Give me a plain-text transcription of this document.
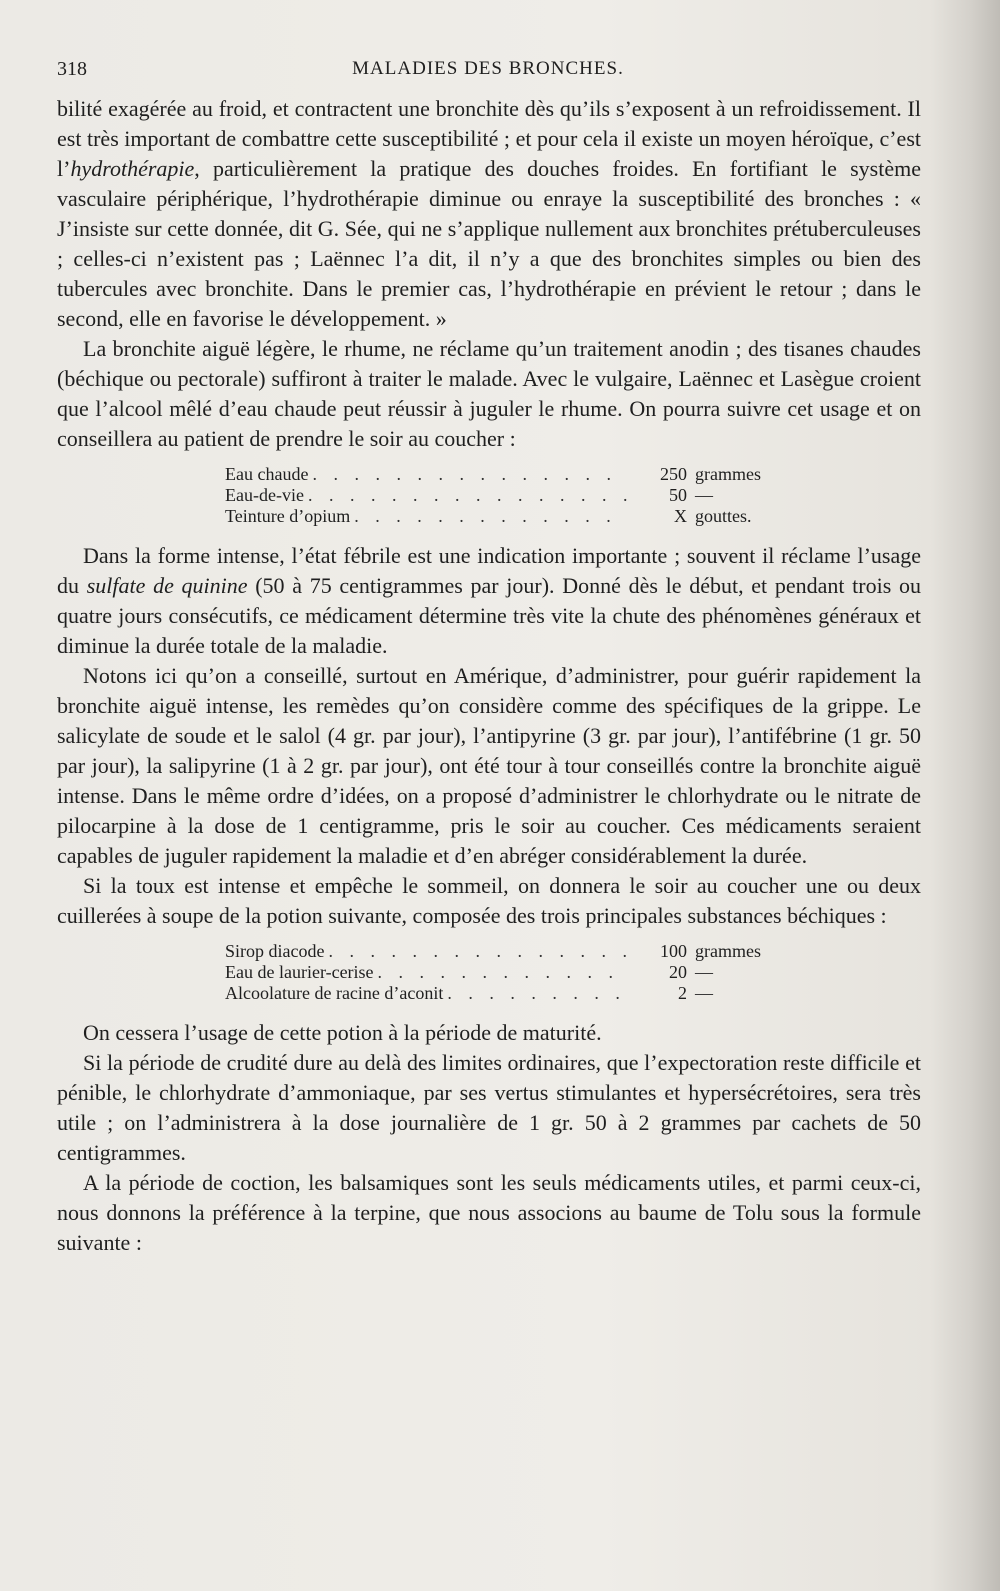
318	MALADIES DES BRONCHES.

bilité exagérée au froid, et contractent une bronchite dès qu’ils s’exposent à un refroidissement. Il est très important de combattre cette susceptibilité ; et pour cela il existe un moyen héroïque, c’est l’hydrothérapie, particulièrement la pratique des douches froides. En fortifiant le système vasculaire périphérique, l’hydrothérapie diminue ou enraye la susceptibilité des bronches : « J’insiste sur cette donnée, dit G. Sée, qui ne s’applique nullement aux bronchites prétuberculeuses ; celles-ci n’existent pas ; Laënnec l’a dit, il n’y a que des bronchites simples ou bien des tubercules avec bronchite. Dans le premier cas, l’hydrothérapie en prévient le retour ; dans le second, elle en favorise le développement. »

La bronchite aiguë légère, le rhume, ne réclame qu’un traitement anodin ; des tisanes chaudes (béchique ou pectorale) suffiront à traiter le malade. Avec le vulgaire, Laënnec et Lasègue croient que l’alcool mêlé d’eau chaude peut réussir à juguler le rhume. On pourra suivre cet usage et on conseillera au patient de prendre le soir au coucher :

Eau chaude . . .	250 grammes
Eau-de-vie . . .	50 —
Teinture d’opium . . .	X gouttes.

Dans la forme intense, l’état fébrile est une indication importante ; souvent il réclame l’usage du sulfate de quinine (50 à 75 centigrammes par jour). Donné dès le début, et pendant trois ou quatre jours consécutifs, ce médicament détermine très vite la chute des phénomènes généraux et diminue la durée totale de la maladie.

Notons ici qu’on a conseillé, surtout en Amérique, d’administrer, pour guérir rapidement la bronchite aiguë intense, les remèdes qu’on considère comme des spécifiques de la grippe. Le salicylate de soude et le salol (4 gr. par jour), l’antipyrine (3 gr. par jour), l’antifébrine (1 gr. 50 par jour), la salipyrine (1 à 2 gr. par jour), ont été tour à tour conseillés contre la bronchite aiguë intense. Dans le même ordre d’idées, on a proposé d’administrer le chlorhydrate ou le nitrate de pilocarpine à la dose de 1 centigramme, pris le soir au coucher. Ces médicaments seraient capables de juguler rapidement la maladie et d’en abréger considérablement la durée.

Si la toux est intense et empêche le sommeil, on donnera le soir au coucher une ou deux cuillerées à soupe de la potion suivante, composée des trois principales substances béchiques :

Sirop diacode . . .	100 grammes
Eau de laurier-cerise . . .	20 —
Alcoolature de racine d’aconit . . .	2 —

On cessera l’usage de cette potion à la période de maturité.

Si la période de crudité dure au delà des limites ordinaires, que l’expectoration reste difficile et pénible, le chlorhydrate d’ammoniaque, par ses vertus stimulantes et hypersécrétoires, sera très utile ; on l’administrera à la dose journalière de 1 gr. 50 à 2 grammes par cachets de 50 centigrammes.

A la période de coction, les balsamiques sont les seuls médicaments utiles, et parmi ceux-ci, nous donnons la préférence à la terpine, que nous associons au baume de Tolu sous la formule suivante :
